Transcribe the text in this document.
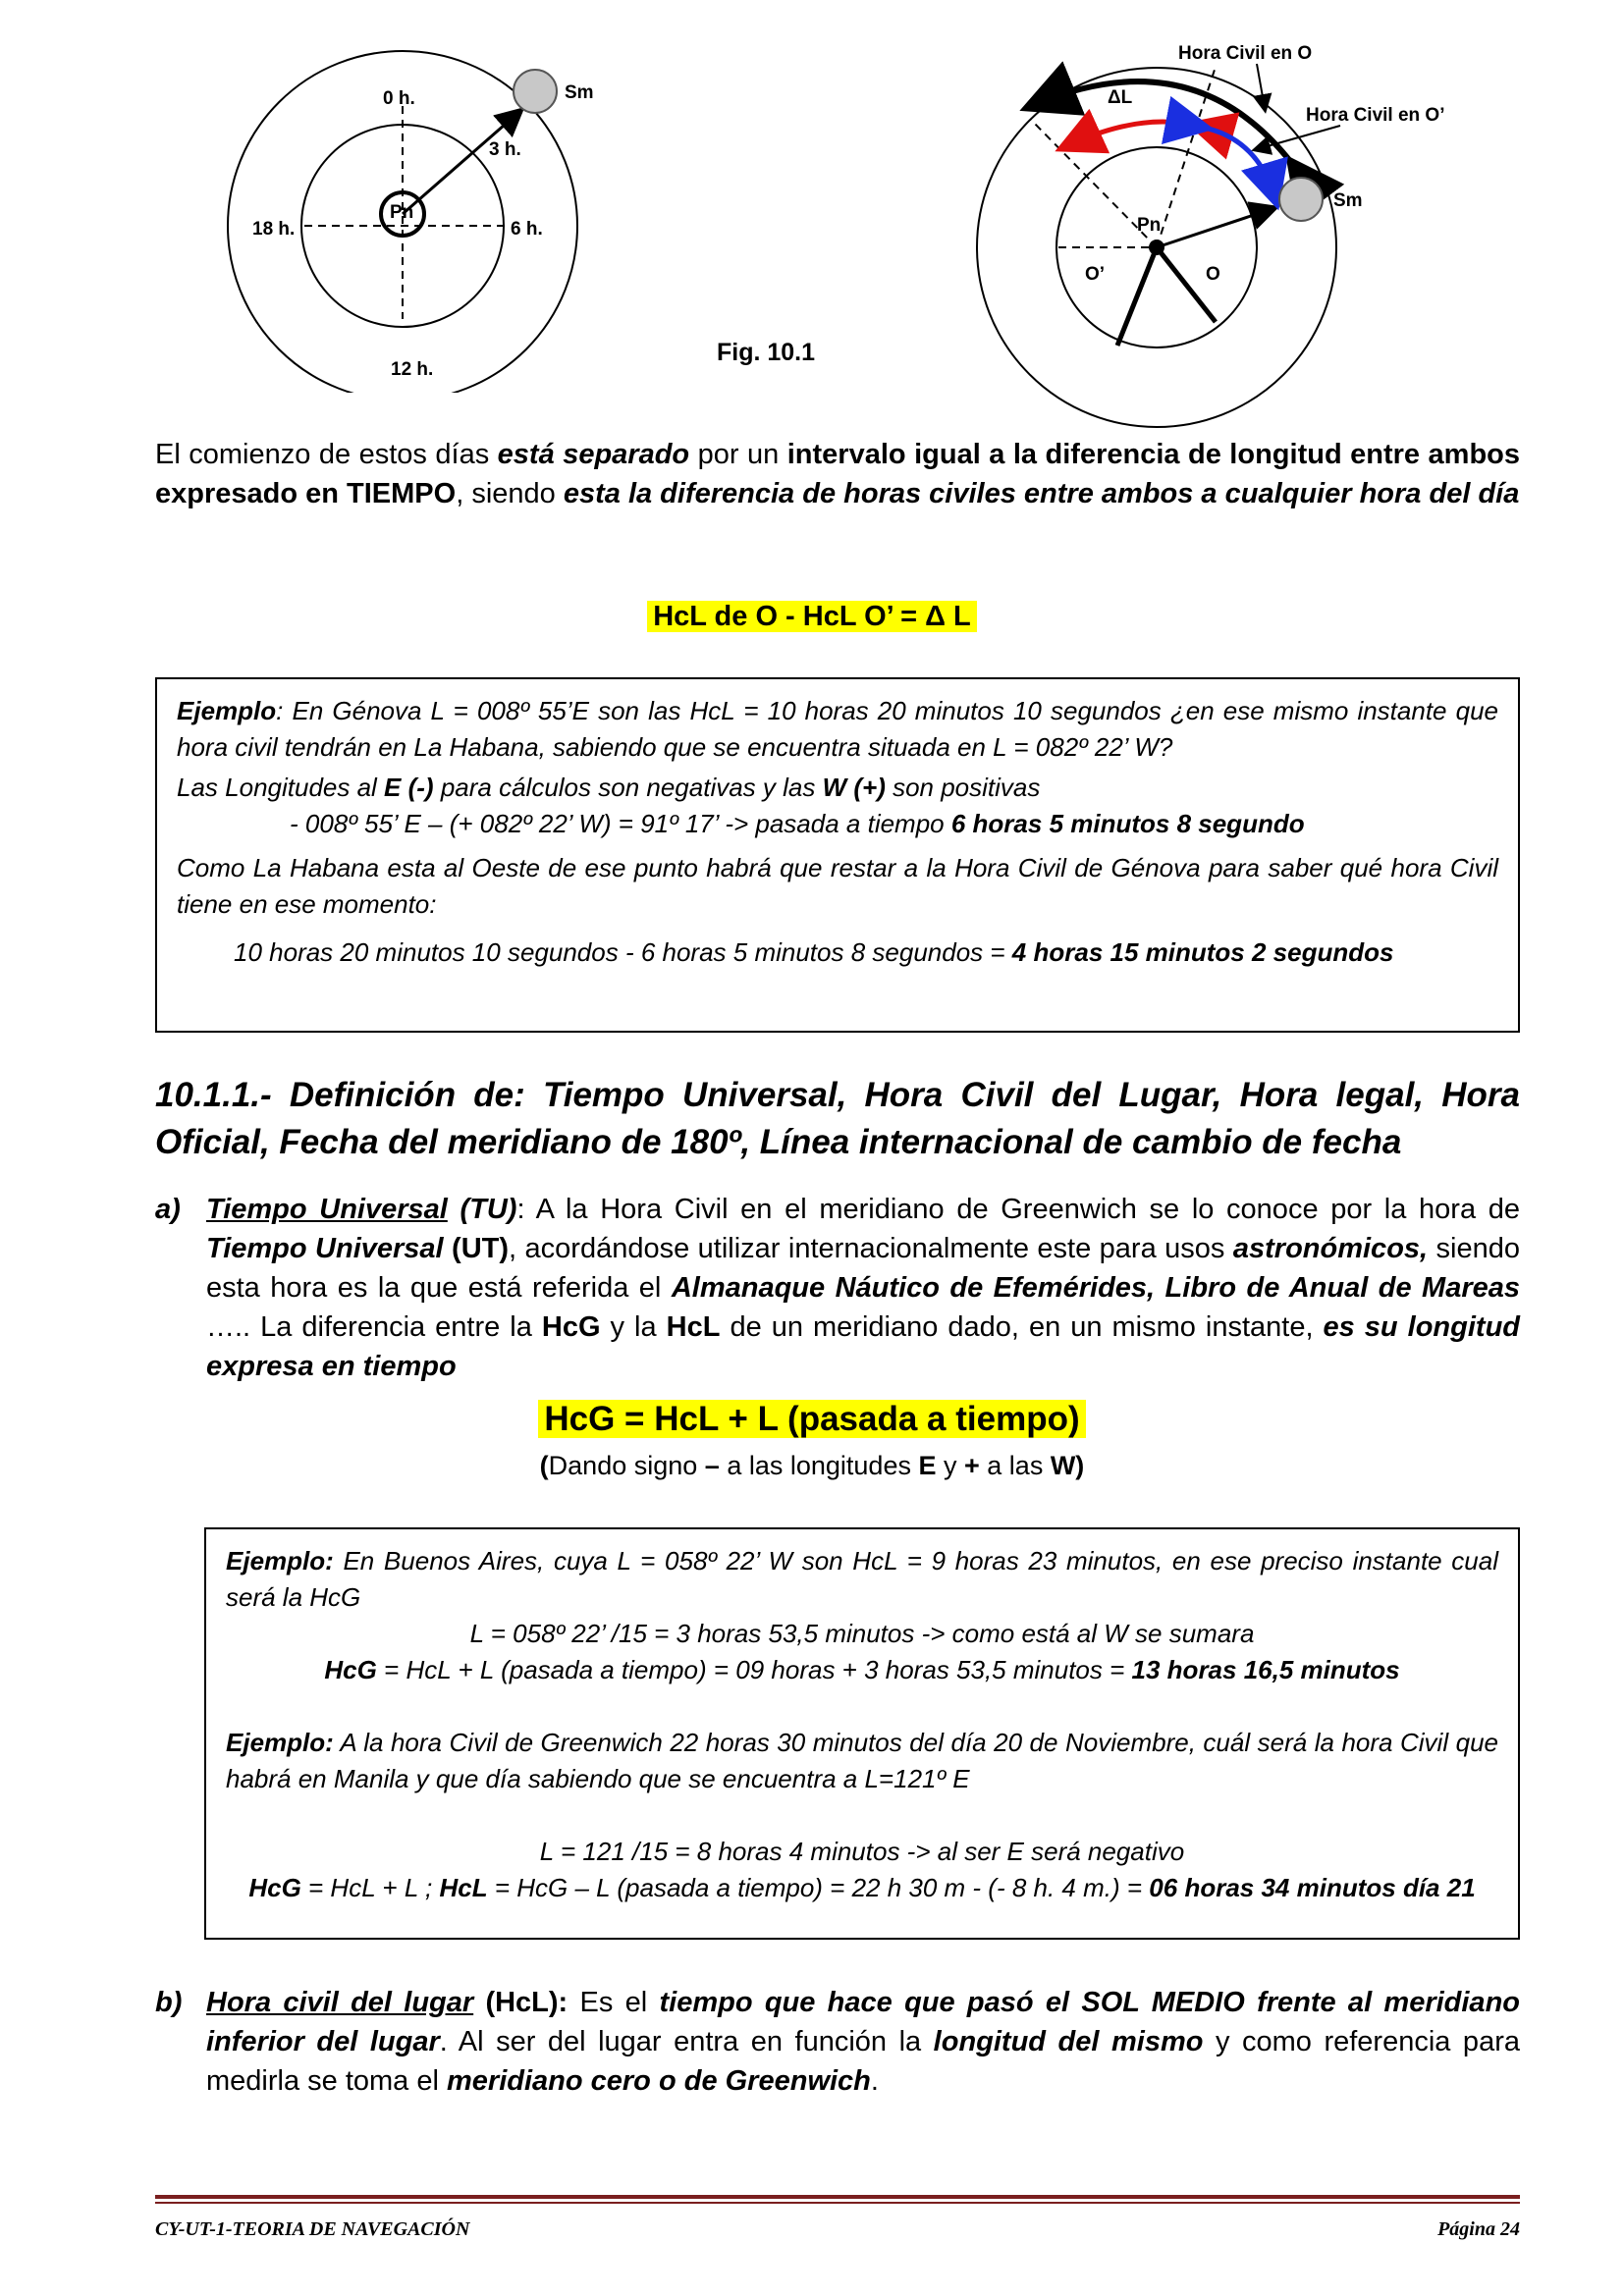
0 h.
3 h.
6 h.
12 h.
18 h.
Pn
Sm
Fig. 10.1
Hora Civil en O
Hora Civil en O’
ΔL
Sm
Pn
O’	O
El comienzo de estos días está separado por un intervalo igual a la diferencia de longitud entre ambos expresado en TIEMPO, siendo esta la diferencia de horas civiles entre ambos a cualquier hora del día
HcL de O - HcL O’ = Δ L

Ejemplo: En Génova L = 008º 55’E son las HcL = 10 horas 20 minutos 10 segundos ¿en ese mismo instante que hora civil tendrán en La Habana, sabiendo que se encuentra situada en L = 082º 22’ W?

Las Longitudes al E (-) para cálculos son negativas y las W (+) son positivas

- 008º 55’ E – (+ 082º 22’ W) = 91º 17’ -> pasada a tiempo 6 horas 5 minutos 8 segundo

Como La Habana esta al Oeste de ese punto habrá que restar a la Hora Civil de Génova para saber qué hora Civil tiene en ese momento:

10 horas 20 minutos 10 segundos - 6 horas 5 minutos 8 segundos = 4 horas 15 minutos 2 segundos

10.1.1.- Definición de: Tiempo Universal, Hora Civil del Lugar, Hora legal, Hora Oficial, Fecha del meridiano de 180º, Línea internacional de cambio de fecha
a) Tiempo Universal (TU): A la Hora Civil en el meridiano de Greenwich se lo conoce por la hora de Tiempo Universal (UT), acordándose utilizar internacionalmente este para usos astronómicos, siendo esta hora es la que está referida el Almanaque Náutico de Efemérides, Libro de Anual de Mareas ….. La diferencia entre la HcG y la HcL de un meridiano dado, en un mismo instante, es su longitud expresa en tiempo
HcG = HcL + L (pasada a tiempo)
(Dando signo – a las longitudes E y + a las W)

Ejemplo: En Buenos Aires, cuya L = 058º 22’ W son HcL = 9 horas 23 minutos, en ese preciso instante cual será la HcG

L = 058º 22’ /15 = 3 horas 53,5 minutos -> como está al W se sumara

HcG = HcL + L (pasada a tiempo) = 09 horas + 3 horas 53,5 minutos = 13 horas 16,5 minutos

Ejemplo: A la hora Civil de Greenwich 22 horas 30 minutos del día 20 de Noviembre, cuál será la hora Civil que habrá en Manila y que día sabiendo que se encuentra a L=121º E

L = 121 /15 = 8 horas 4 minutos -> al ser E será negativo

HcG = HcL + L ; HcL = HcG – L (pasada a tiempo) = 22 h 30 m - (- 8 h. 4 m.) = 06 horas 34 minutos día 21

b) Hora civil del lugar (HcL): Es el tiempo que hace que pasó el SOL MEDIO frente al meridiano inferior del lugar. Al ser del lugar entra en función la longitud del mismo y como referencia para medirla se toma el meridiano cero o de Greenwich.
CY-UT-1-TEORIA DE NAVEGACIÓN	Página 24
